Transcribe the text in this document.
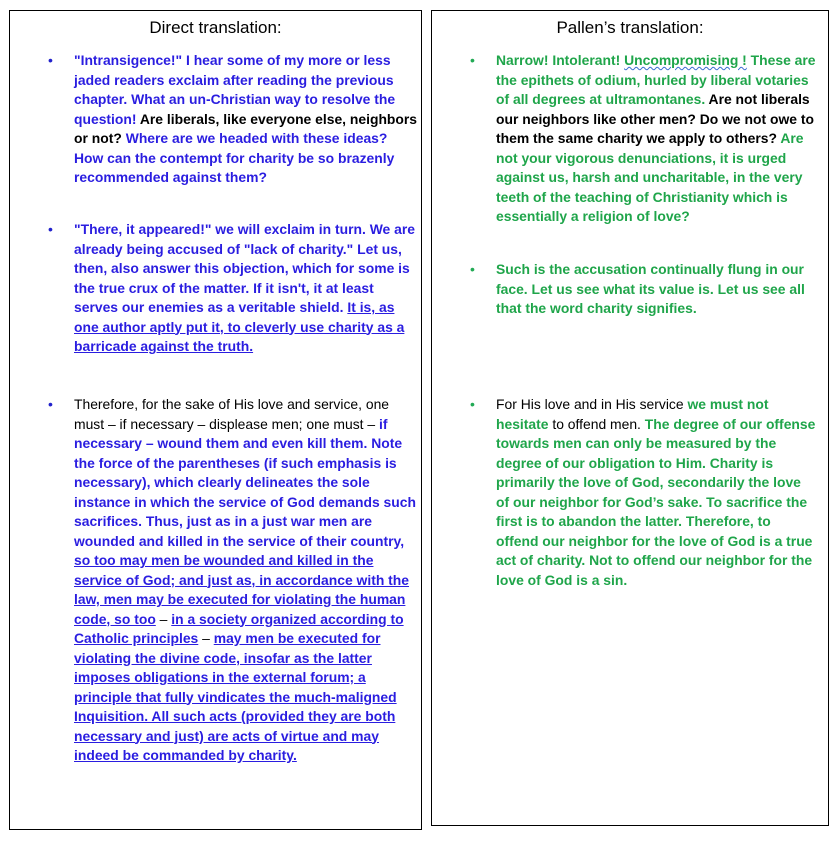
Direct translation:
• "Intransigence!" I hear some of my more or less jaded readers exclaim after reading the previous chapter. What an un-Christian way to resolve the question! Are liberals, like everyone else, neighbors or not? Where are we headed with these ideas? How can the contempt for charity be so brazenly recommended against them?
• "There, it appeared!" we will exclaim in turn. We are already being accused of "lack of charity." Let us, then, also answer this objection, which for some is the true crux of the matter. If it isn't, it at least serves our enemies as a veritable shield. It is, as one author aptly put it, to cleverly use charity as a barricade against the truth.
• Therefore, for the sake of His love and service, one must – if necessary – displease men; one must – if necessary – wound them and even kill them. Note the force of the parentheses (if such emphasis is necessary), which clearly delineates the sole instance in which the service of God demands such sacrifices. Thus, just as in a just war men are wounded and killed in the service of their country, so too may men be wounded and killed in the service of God; and just as, in accordance with the law, men may be executed for violating the human code, so too – in a society organized according to Catholic principles – may men be executed for violating the divine code, insofar as the latter imposes obligations in the external forum; a principle that fully vindicates the much-maligned Inquisition. All such acts (provided they are both necessary and just) are acts of virtue and may indeed be commanded by charity.
Pallen’s translation:
• Narrow! Intolerant! Uncompromising ! These are the epithets of odium, hurled by liberal votaries of all degrees at ultramontanes. Are not liberals our neighbors like other men? Do we not owe to them the same charity we apply to others? Are not your vigorous denunciations, it is urged against us, harsh and uncharitable, in the very teeth of the teaching of Christianity which is essentially a religion of love?
• Such is the accusation continually flung in our face. Let us see what its value is. Let us see all that the word charity signifies.
• For His love and in His service we must not hesitate to offend men. The degree of our offense towards men can only be measured by the degree of our obligation to Him. Charity is primarily the love of God, secondarily the love of our neighbor for God’s sake. To sacrifice the first is to abandon the latter. Therefore, to offend our neighbor for the love of God is a true act of charity. Not to offend our neighbor for the love of God is a sin.
